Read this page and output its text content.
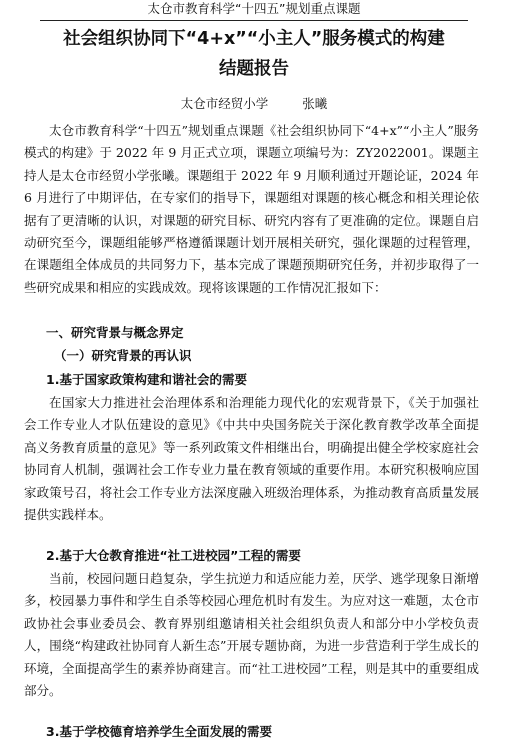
太仓市教育科学“十四五”规划重点课题
社会组织协同下“4+x”“小主人”服务模式的构建
结题报告
太仓市经贸小学	张曦

太仓市教育科学“十四五”规划重点课题《社会组织协同下“4+x”“小主人”服务模式的构建》于 2022 年 9 月正式立项，课题立项编号为：ZY2022001。课题主持人是太仓市经贸小学张曦。课题组于 2022 年 9 月顺利通过开题论证，2024 年 6 月进行了中期评估，在专家们的指导下，课题组对课题的核心概念和相关理论依据有了更清晰的认识，对课题的研究目标、研究内容有了更准确的定位。课题自启动研究至今，课题组能够严格遵循课题计划开展相关研究，强化课题的过程管理，在课题组全体成员的共同努力下，基本完成了课题预期研究任务，并初步取得了一些研究成果和相应的实践成效。现将该课题的工作情况汇报如下：

一、研究背景与概念界定
（一）研究背景的再认识
1.基于国家政策构建和谐社会的需要

在国家大力推进社会治理体系和治理能力现代化的宏观背景下，《关于加强社会工作专业人才队伍建设的意见》《中共中央国务院关于深化教育教学改革全面提高义务教育质量的意见》等一系列政策文件相继出台，明确提出健全学校家庭社会协同育人机制，强调社会工作专业力量在教育领域的重要作用。本研究积极响应国家政策号召，将社会工作专业方法深度融入班级治理体系，为推动教育高质量发展提供实践样本。

2.基于大仓教育推进“社工进校园”工程的需要

当前，校园问题日趋复杂，学生抗逆力和适应能力差，厌学、逃学现象日渐增多，校园暴力事件和学生自杀等校园心理危机时有发生。为应对这一难题，太仓市政协社会事业委员会、教育界别组邀请相关社会组织负责人和部分中小学校负责人，围绕“构建政社协同育人新生态”开展专题协商，为进一步营造利于学生成长的环境，全面提高学生的素养协商建言。而“社工进校园”工程，则是其中的重要组成部分。

3.基于学校德育培养学生全面发展的需要
